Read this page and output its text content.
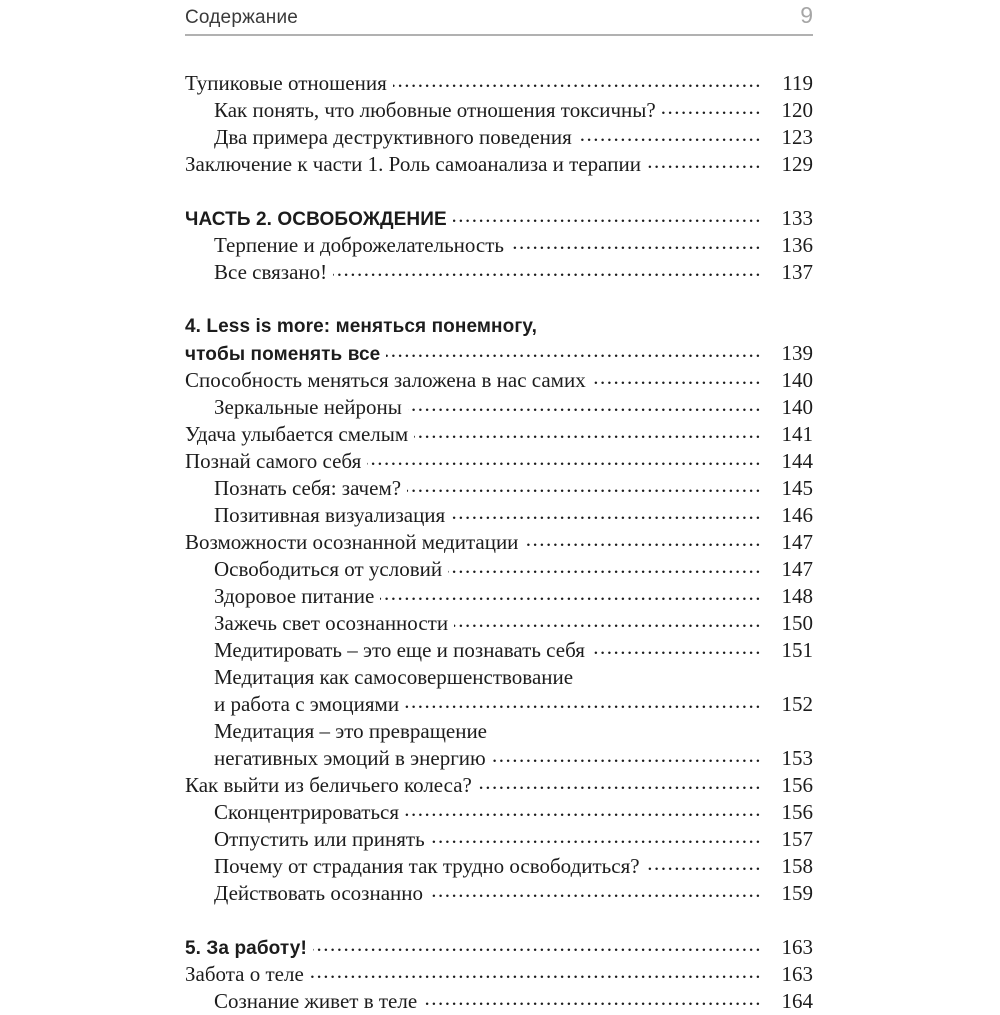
Содержание	9
Тупиковые отношения .....	119
Как понять, что любовные отношения токсичны? .....	120
Два примера деструктивного поведения .....	123
Заключение к части 1. Роль самоанализа и терапии .....	129
ЧАСТЬ 2. ОСВОБОЖДЕНИЕ .....	133
Терпение и доброжелательность .....	136
Все связано! .....	137
4. Less is more: меняться понемногу,
чтобы поменять все .....	139
Способность меняться заложена в нас самих .....	140
Зеркальные нейроны .....	140
Удача улыбается смелым .....	141
Познай самого себя .....	144
Познать себя: зачем? .....	145
Позитивная визуализация .....	146
Возможности осознанной медитации .....	147
Освободиться от условий .....	147
Здоровое питание .....	148
Зажечь свет осознанности .....	150
Медитировать – это еще и познавать себя .....	151
Медитация как самосовершенствование
и работа с эмоциями .....	152
Медитация – это превращение
негативных эмоций в энергию .....	153
Как выйти из беличьего колеса? .....	156
Сконцентрироваться .....	156
Отпустить или принять .....	157
Почему от страдания так трудно освободиться? .....	158
Действовать осознанно .....	159
5. За работу! .....	163
Забота о теле .....	163
Сознание живет в теле .....	164
